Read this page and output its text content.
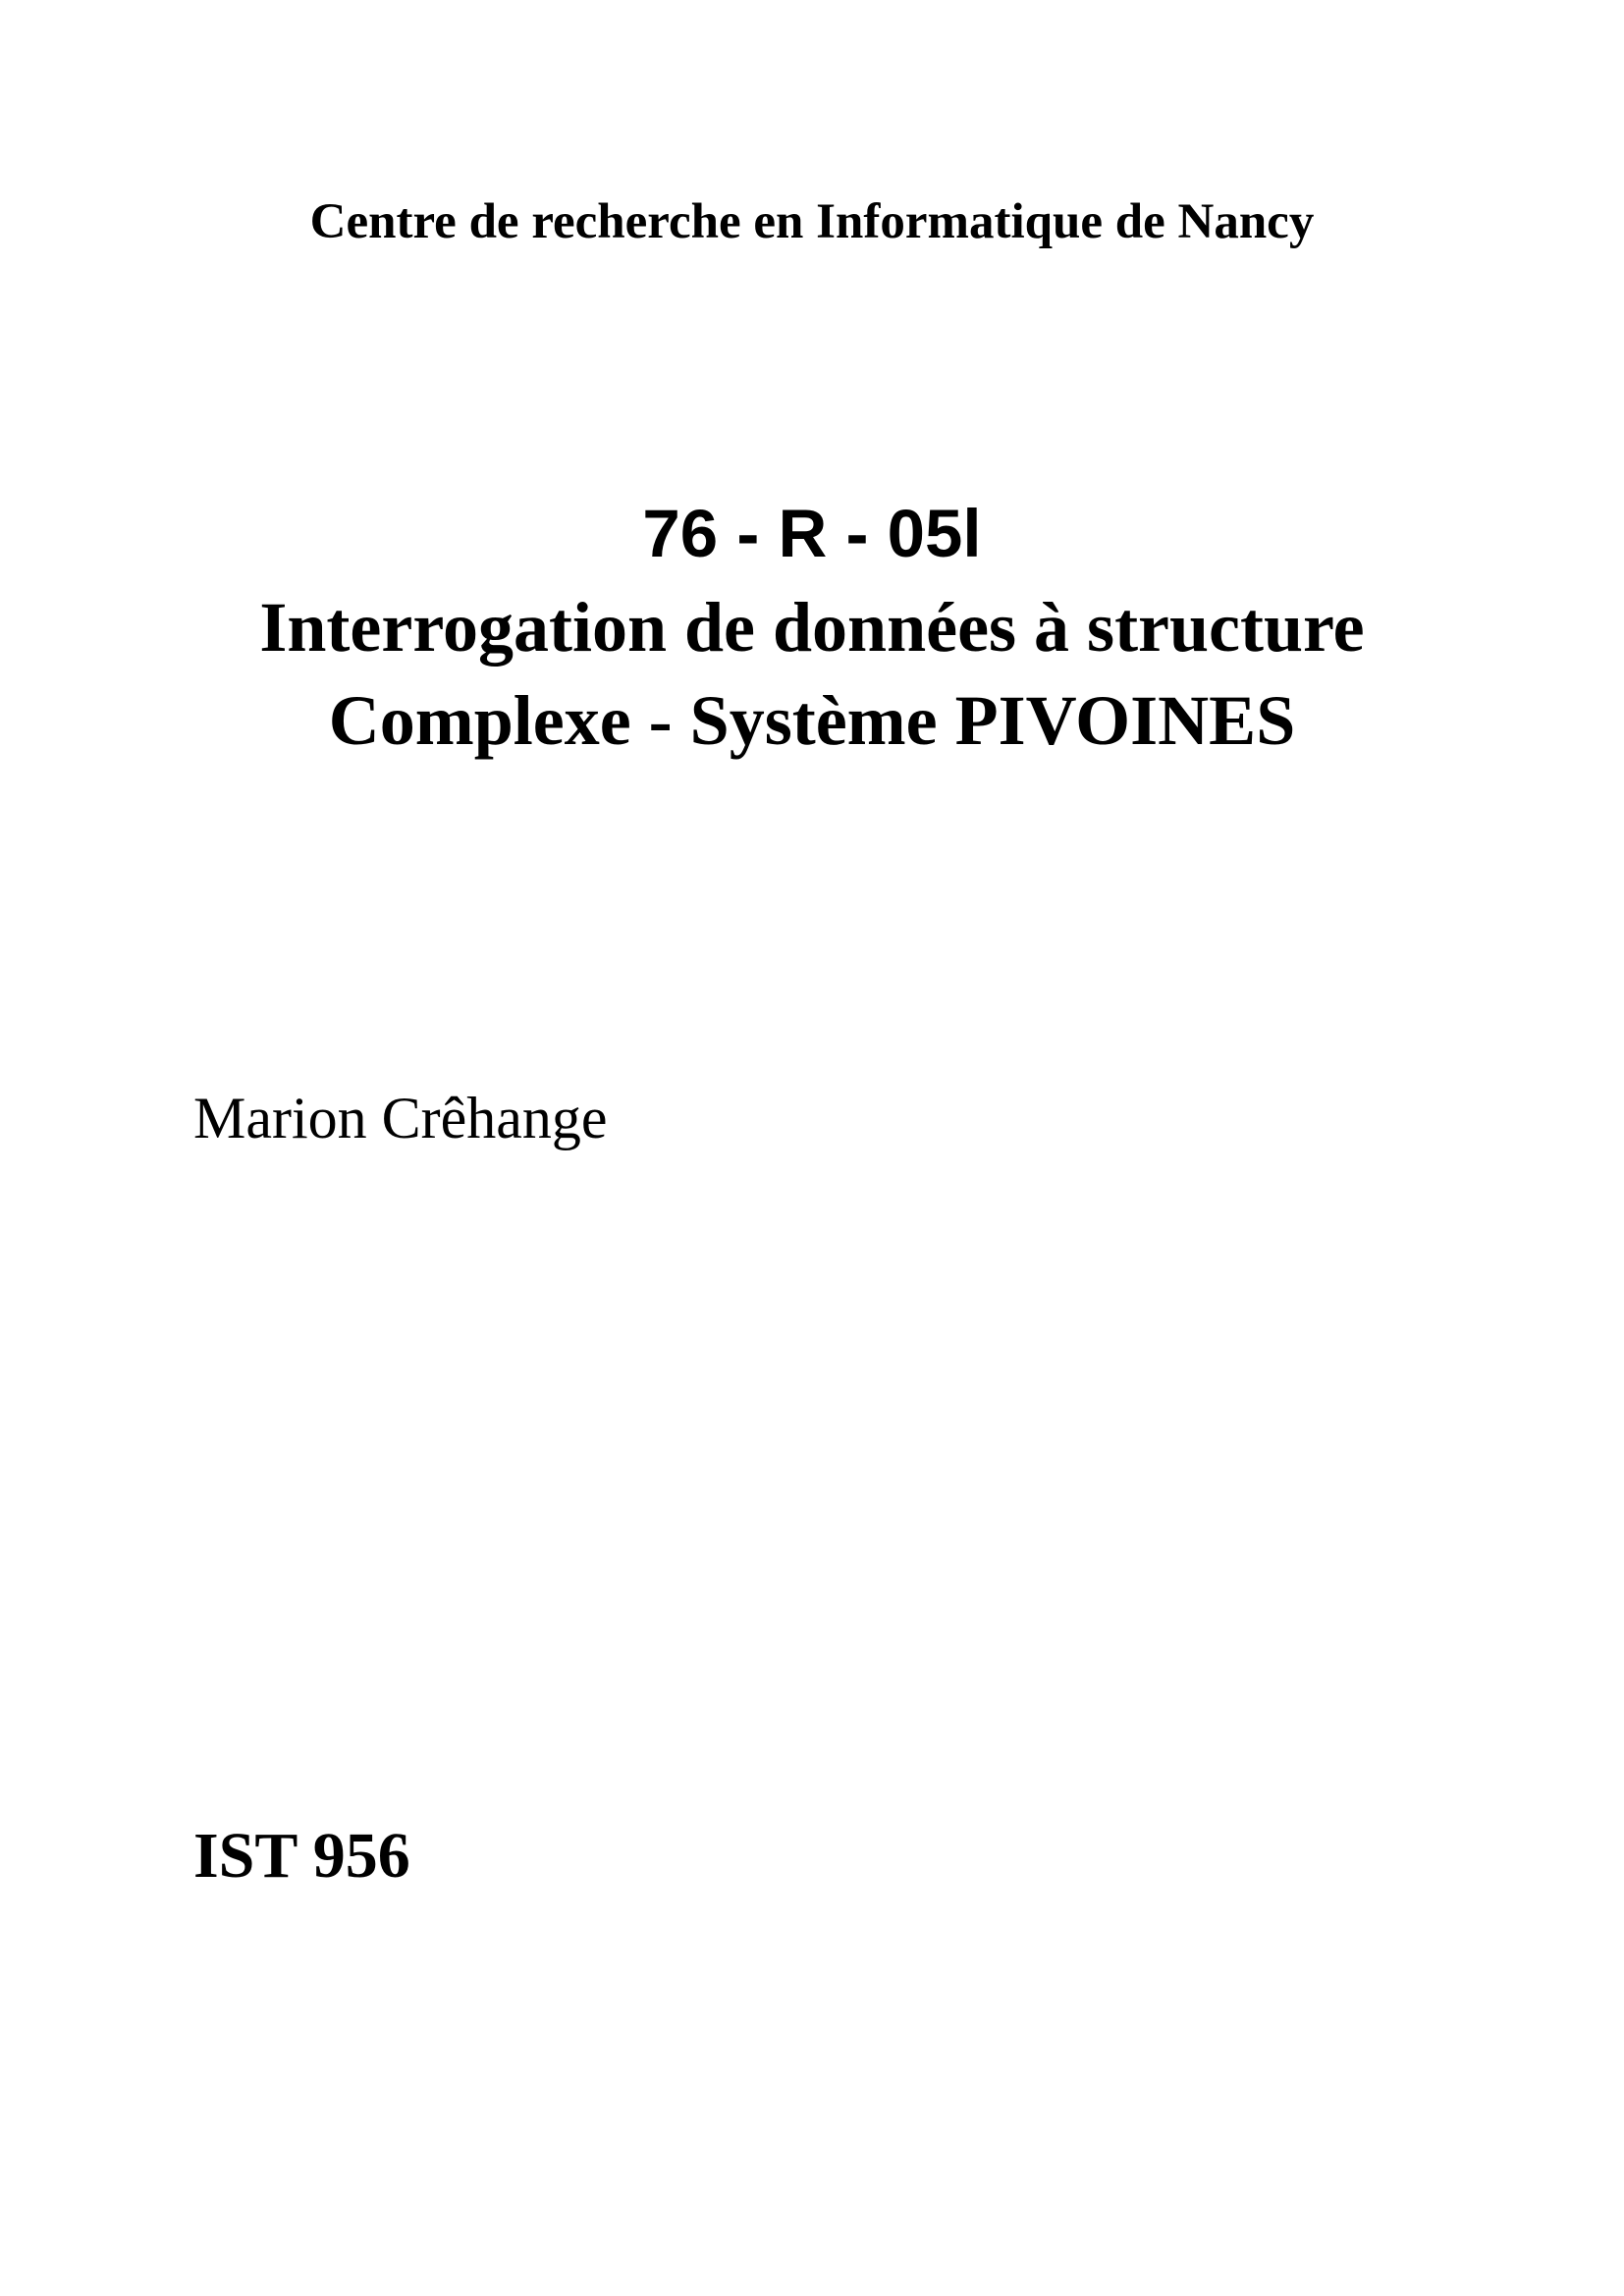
Centre de recherche en Informatique de Nancy
76 - R - 05l
Interrogation de données à structure
Complexe - Système PIVOINES
Marion Crêhange
IST 956
